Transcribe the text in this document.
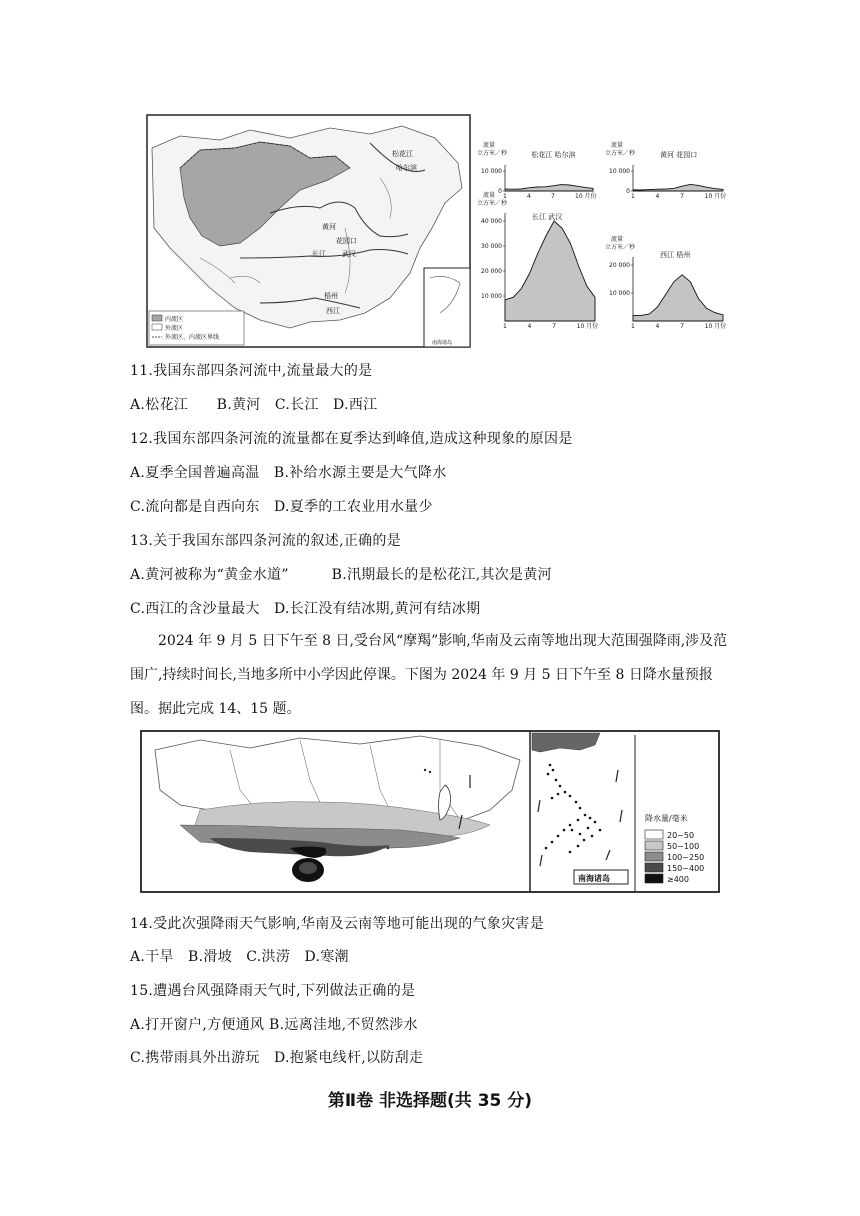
南海诸岛
松花江
哈尔滨
黄河
花园口
武汉
长江
梧州
西江
内流区
外流区
外流区、内流区界线
流量
立方米／秒	松花江 哈尔滨
10 000
0
1	4	7	10 月份
流量
立方米／秒	黄河 花园口
10 000
0
1	4	7	10 月份
流量
立方米／秒
长江 武汉
40 000
30 000
20 000
10 000
1	4	7	10 月份
流量
立方米／秒
西江 梧州
20 000
10 000
1	4	7	10 月份
11.我国东部四条河流中,流量最大的是
A.松花江　　B.黄河　C.长江　D.西江
12.我国东部四条河流的流量都在夏季达到峰值,造成这种现象的原因是
A.夏季全国普遍高温　B.补给水源主要是大气降水
C.流向都是自西向东　D.夏季的工农业用水量少
13.关于我国东部四条河流的叙述,正确的是
A.黄河被称为“黄金水道”　　　B.汛期最长的是松花江,其次是黄河
C.西江的含沙量最大　D.长江没有结冰期,黄河有结冰期
2024 年 9 月 5 日下午至 8 日,受台风“摩羯”影响,华南及云南等地出现大范围强降雨,涉及范围广,持续时间长,当地多所中小学因此停课。下图为 2024 年 9 月 5 日下午至 8 日降水量预报图。据此完成 14、15 题。
南海诸岛
降水量/毫米
20~50
50~100
100~250
150~400
≥400
14.受此次强降雨天气影响,华南及云南等地可能出现的气象灾害是
A.干旱　B.滑坡　C.洪涝　D.寒潮
15.遭遇台风强降雨天气时,下列做法正确的是
A.打开窗户,方便通风 B.远离洼地,不贸然涉水
C.携带雨具外出游玩　D.抱紧电线杆,以防刮走
第Ⅱ卷 非选择题(共 35 分)
